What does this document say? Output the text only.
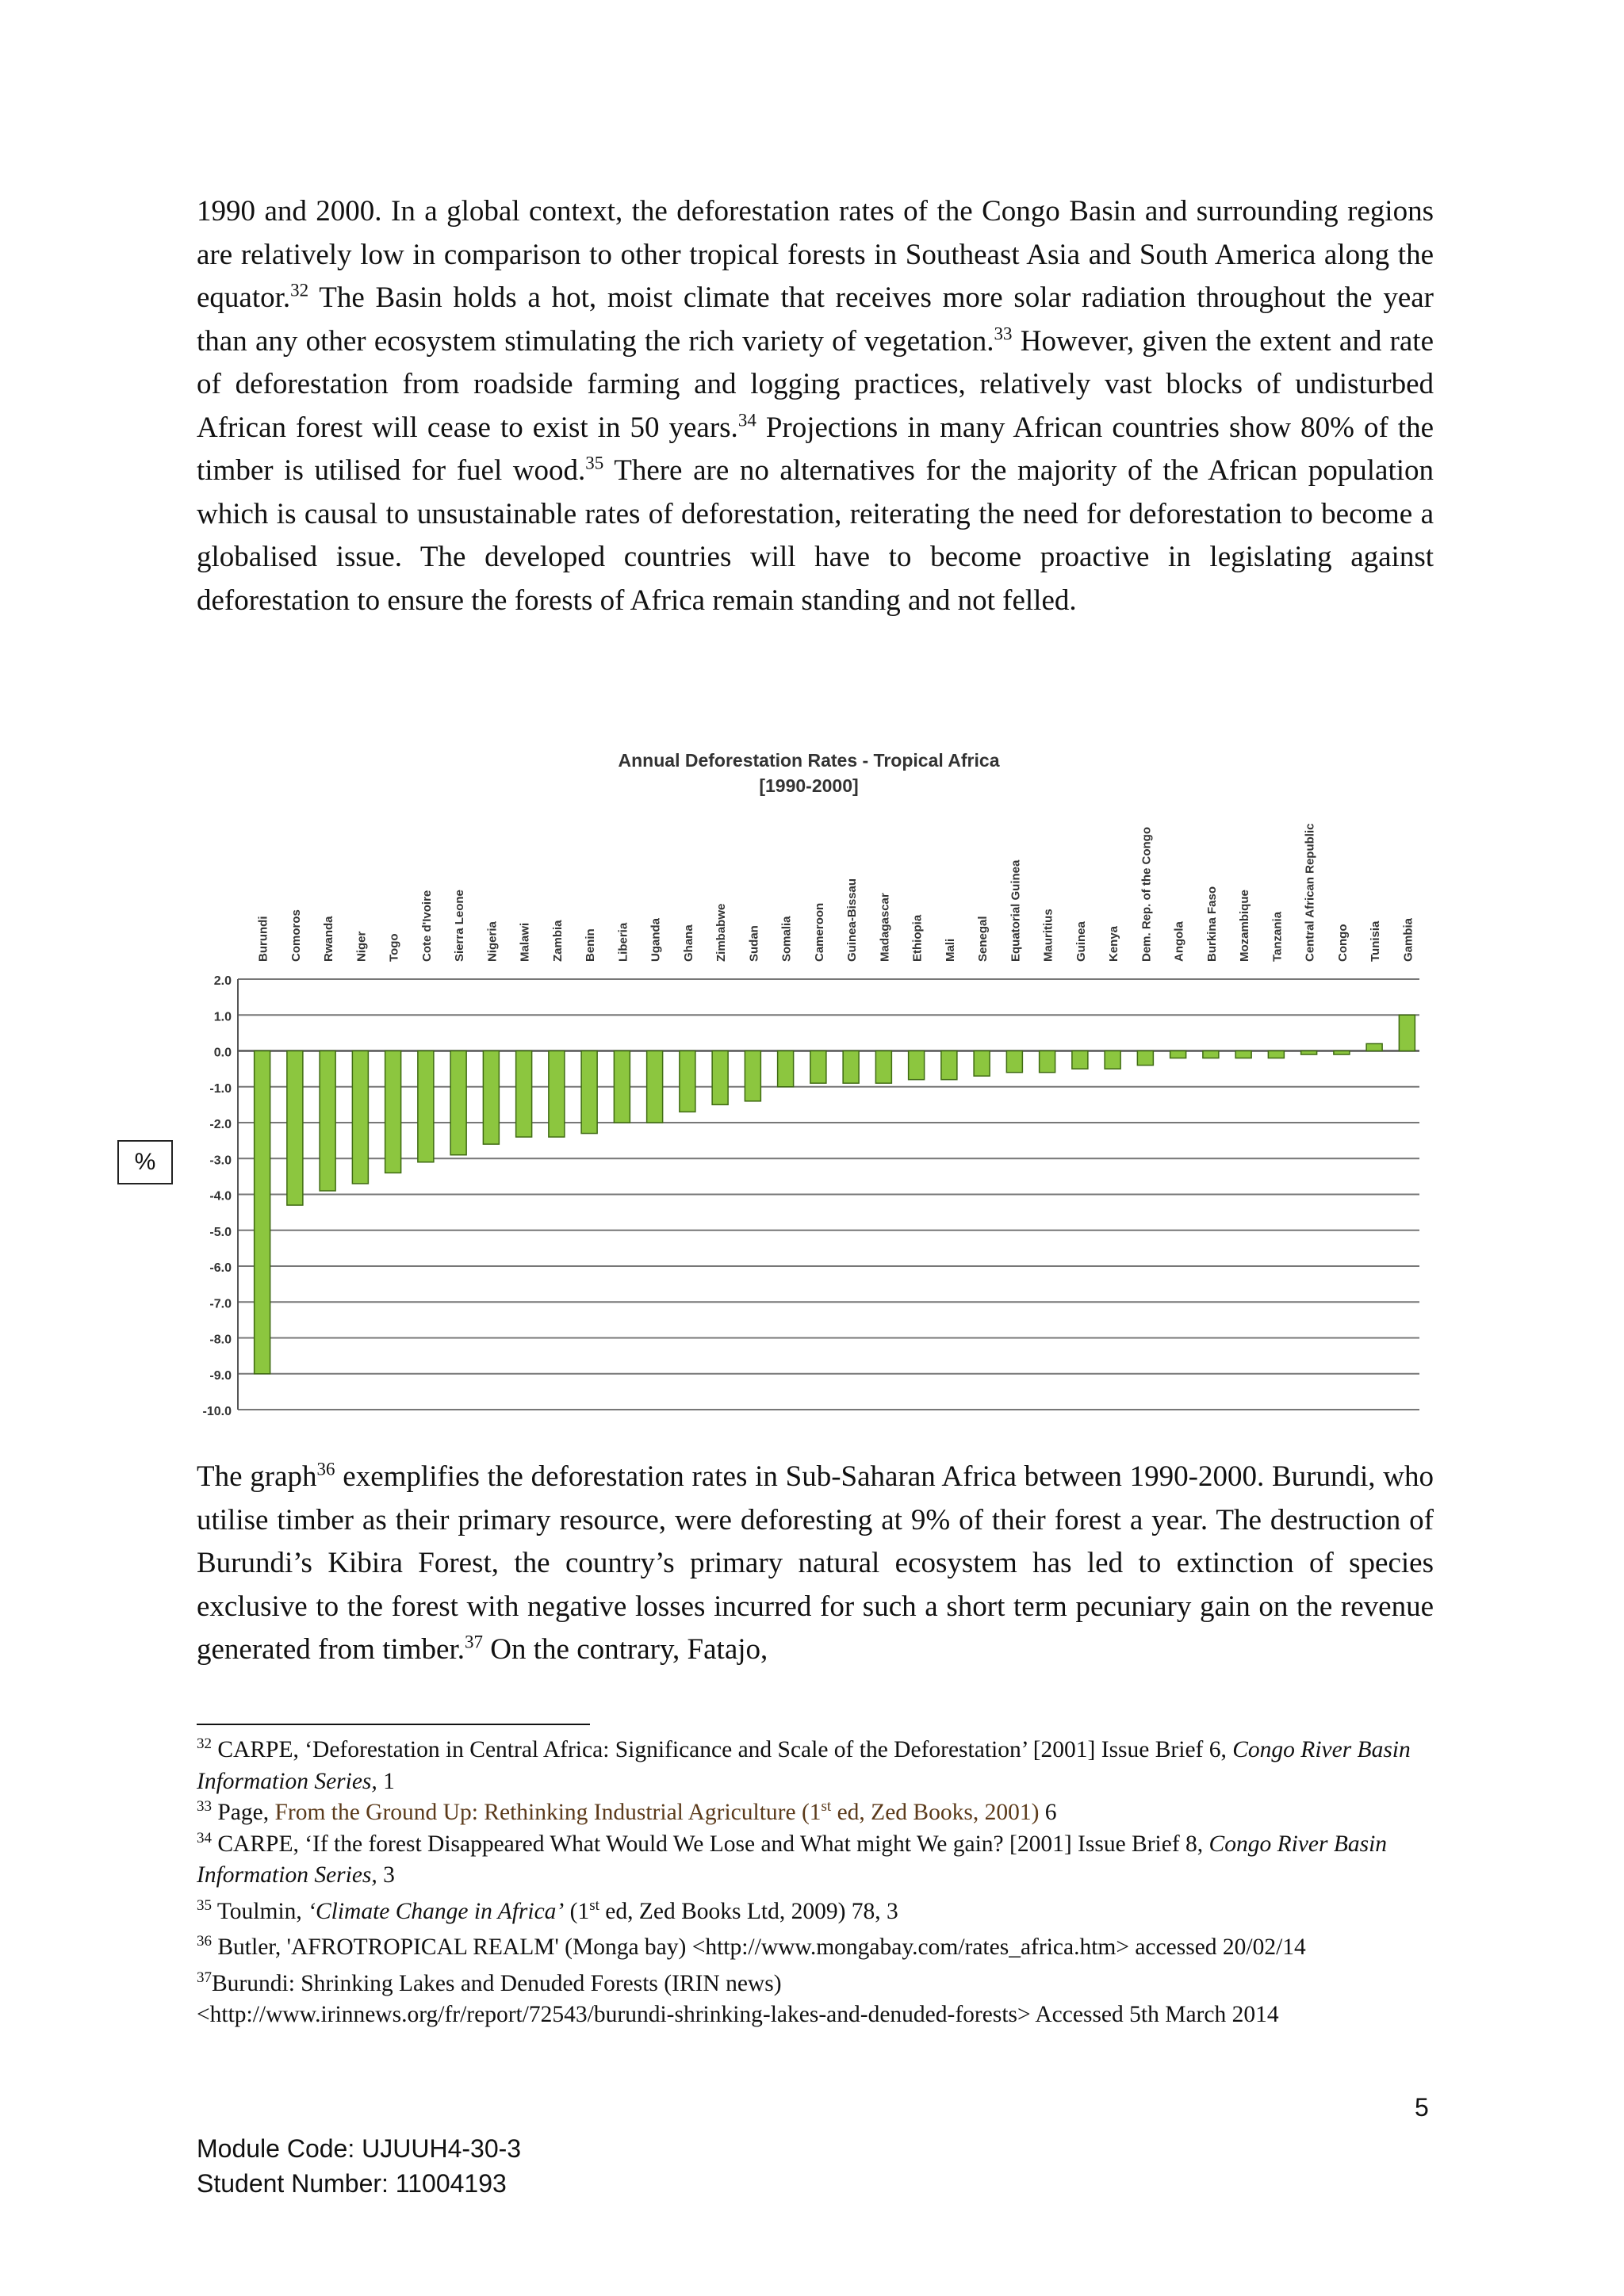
1990 and 2000. In a global context, the deforestation rates of the Congo Basin and surrounding regions are relatively low in comparison to other tropical forests in Southeast Asia and South America along the equator.$^{32}$ The Basin holds a hot, moist climate that receives more solar radiation throughout the year than any other ecosystem stimulating the rich variety of vegetation.$^{33}$ However, given the extent and rate of deforestation from roadside farming and logging practices, relatively vast blocks of undisturbed African forest will cease to exist in 50 years.$^{34}$ Projections in many African countries show 80% of the timber is utilised for fuel wood.$^{35}$ There are no alternatives for the majority of the African population which is causal to unsustainable rates of deforestation, reiterating the need for deforestation to become a globalised issue. The developed countries will have to become proactive in legislating against deforestation to ensure the forests of Africa remain standing and not felled.

Annual Deforestation Rates - Tropical Africa
[1990-2000]
2.0
1.0
0.0
-1.0
-2.0
-3.0
-4.0
-5.0
-6.0
-7.0
-8.0
-9.0
-10.0
Burundi Comoros Rwanda Niger Togo Cote d'Ivoire Sierra Leone Nigeria Malawi Zambia Benin Liberia Uganda Ghana Zimbabwe Sudan Somalia Cameroon Guinea-Bissau Madagascar Ethiopia Mali Senegal Equatorial Guinea Mauritius Guinea Kenya Dem. Rep. of the Congo Angola Burkina Faso Mozambique Tanzania Central African Republic Congo Tunisia Gambia
%

The graph$^{36}$ exemplifies the deforestation rates in Sub-Saharan Africa between 1990-2000. Burundi, who utilise timber as their primary resource, were deforesting at 9% of their forest a year. The destruction of Burundi’s Kibira Forest, the country’s primary natural ecosystem has led to extinction of species exclusive to the forest with negative losses incurred for such a short term pecuniary gain on the revenue generated from timber.$^{37}$ On the contrary, Fatajo,

$^{32}$ CARPE, ‘Deforestation in Central Africa: Significance and Scale of the Deforestation’ [2001] Issue Brief 6, Congo River Basin Information Series, 1

$^{33}$ Page, From the Ground Up: Rethinking Industrial Agriculture (1st ed, Zed Books, 2001) 6

$^{34}$ CARPE, ‘If the forest Disappeared What Would We Lose and What might We gain? [2001] Issue Brief 8, Congo River Basin Information Series, 3

$^{35}$ Toulmin, ‘Climate Change in Africa’ (1st ed, Zed Books Ltd, 2009) 78, 3

$^{36}$ Butler, 'AFROTROPICAL REALM' (Monga bay) <http://www.mongabay.com/rates_africa.htm> accessed 20/02/14

$^{37}$Burundi: Shrinking Lakes and Denuded Forests (IRIN news)
<http://www.irinnews.org/fr/report/72543/burundi-shrinking-lakes-and-denuded-forests> Accessed 5th March 2014

5
Module Code: UJUUH4-30-3
Student Number: 11004193
